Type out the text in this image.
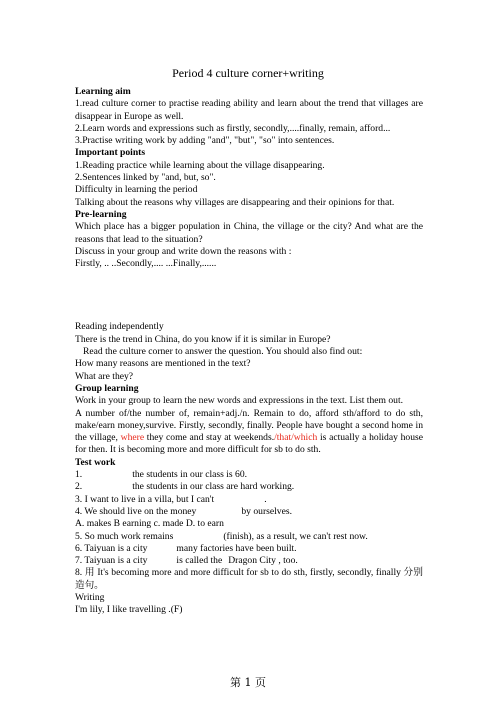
Period 4 culture corner+writing

Learning aim

1.read culture corner to practise reading ability and learn about the trend that villages are disappear in Europe as well.

2.Learn words and expressions such as firstly, secondly,....finally, remain, afford...

3.Practise writing work by adding "and", "but", "so" into sentences.

Important points

1.Reading practice while learning about the village disappearing.

2.Sentences linked by "and, but, so".

Difficulty in learning the period

Talking about the reasons why villages are disappearing and their opinions for that.

Pre-learning

Which place has a bigger population in China, the village or the city? And what are the reasons that lead to the situation?

Discuss in your group and write down the reasons with :

Firstly, .. ..Secondly,.... ...Finally,......

Reading independently

There is the trend in China, do you know if it is similar in Europe?

Read the culture corner to answer the question. You should also find out:

How many reasons are mentioned in the text?

What are they?

Group learning

Work in your group to learn the new words and expressions in the text. List them out.

A number of/the number of, remain+adj./n. Remain to do, afford sth/afford to do sth, make/earn money,survive. Firstly, secondly, finally. People have bought a second home in the village, where they come and stay at weekends./that/which is actually a holiday house for then. It is becoming more and more difficult for sb to do sth.

Test work

1.	the students in our class is 60.

2.	the students in our class are hard working.

3. I want to live in a villa, but I can't	.

4. We should live on the money	by ourselves.

A. makes B earning c. made D. to earn

5. So much work remains	(finish), as a result, we can't rest now.

6. Taiyuan is a city	many factories have been built.

7. Taiyuan is a city	is called the Dragon City , too.

8. 用 It's becoming more and more difficult for sb to do sth, firstly, secondly, finally 分别造句。

Writing

I'm lily, I like travelling .(F)

第 1 页
